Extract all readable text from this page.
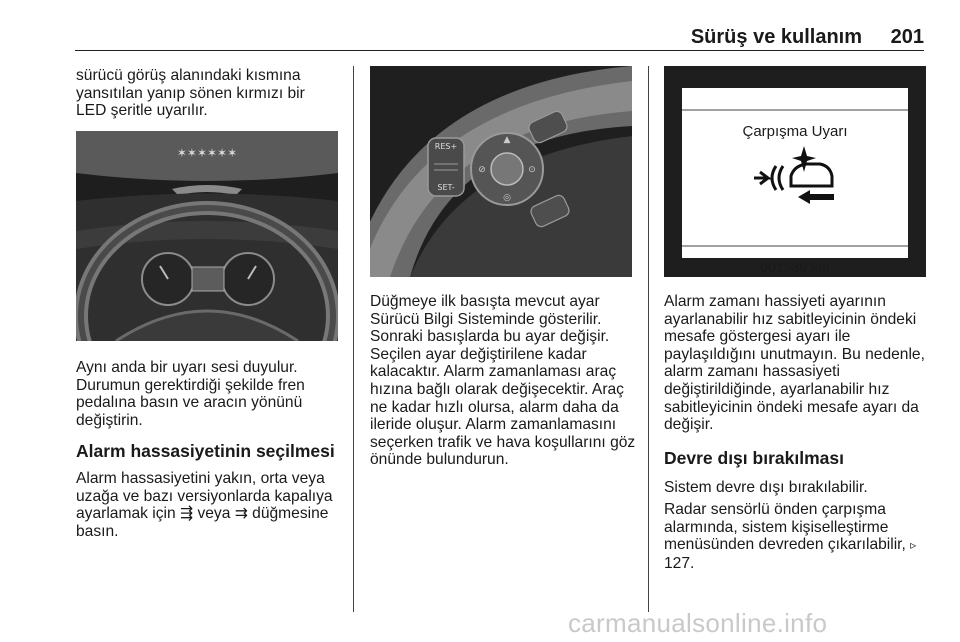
Sürüş ve kullanım 201

sürücü görüş alanındaki kısmına yansıtılan yanıp sönen kırmızı bir LED şeritle uyarılır.

✶✶✶✶✶✶

Aynı anda bir uyarı sesi duyulur. Durumun gerektirdiği şekilde fren pedalına basın ve aracın yönünü değiştirin.

Alarm hassasiyetinin seçilmesi

Alarm hassasiyetini yakın, orta veya uzağa ve bazı versiyonlarda kapalıya ayarlamak için ⇶ veya ⇉ düğmesine basın.

RES+
SET-
▲
⊘	⊙
◎

Düğmeye ilk basışta mevcut ayar Sürücü Bilgi Sisteminde gösterilir. Sonraki basışlarda bu ayar değişir. Seçilen ayar değiştirilene kadar kalacaktır. Alarm zamanlaması araç hızına bağlı olarak değişecektir. Araç ne kadar hızlı olursa, alarm daha da ileride oluşur. Alarm zamanlamasını seçerken trafik ve hava koşullarını göz önünde bulundurun.

Çarpışma Uyarı
001539 km

Alarm zamanı hassiyeti ayarının ayarlanabilir hız sabitleyicinin öndeki mesafe göstergesi ayarı ile paylaşıldığını unutmayın. Bu nedenle, alarm zamanı hassasiyeti değiştirildiğinde, ayarlanabilir hız sabitleyicinin öndeki mesafe ayarı da değişir.

Devre dışı bırakılması

Sistem devre dışı bırakılabilir.

Radar sensörlü önden çarpışma alarmında, sistem kişiselleştirme menüsünden devreden çıkarılabilir, ▹ 127.

carmanualsonline.info
